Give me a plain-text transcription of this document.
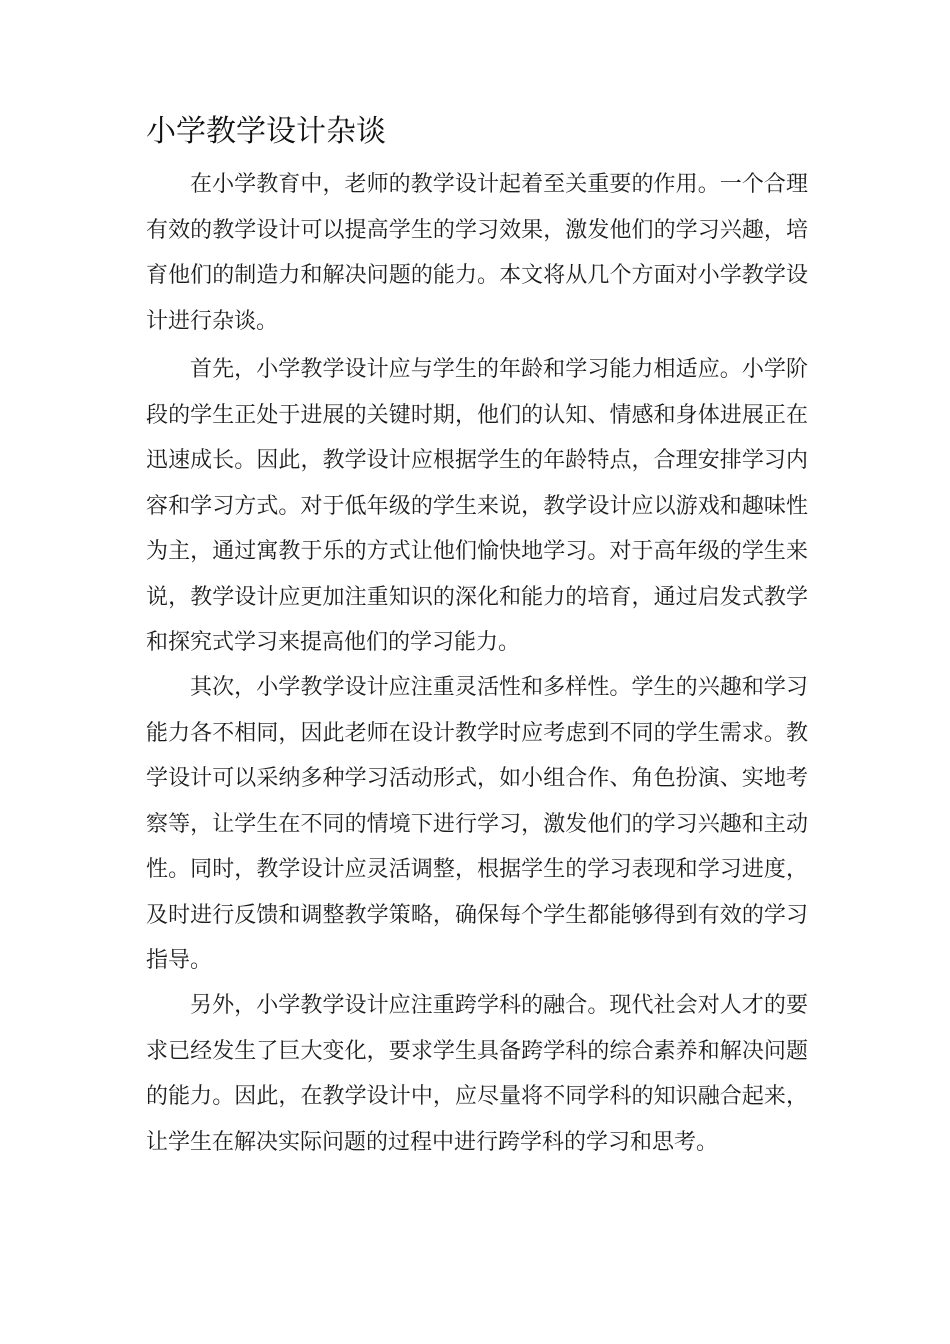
小学教学设计杂谈

在小学教育中，老师的教学设计起着至关重要的作用。一个合理有效的教学设计可以提高学生的学习效果，激发他们的学习兴趣，培育他们的制造力和解决问题的能力。本文将从几个方面对小学教学设计进行杂谈。

首先，小学教学设计应与学生的年龄和学习能力相适应。小学阶段的学生正处于进展的关键时期，他们的认知、情感和身体进展正在迅速成长。因此，教学设计应根据学生的年龄特点，合理安排学习内容和学习方式。对于低年级的学生来说，教学设计应以游戏和趣味性为主，通过寓教于乐的方式让他们愉快地学习。对于高年级的学生来说，教学设计应更加注重知识的深化和能力的培育，通过启发式教学和探究式学习来提高他们的学习能力。

其次，小学教学设计应注重灵活性和多样性。学生的兴趣和学习能力各不相同，因此老师在设计教学时应考虑到不同的学生需求。教学设计可以采纳多种学习活动形式，如小组合作、角色扮演、实地考察等，让学生在不同的情境下进行学习，激发他们的学习兴趣和主动性。同时，教学设计应灵活调整，根据学生的学习表现和学习进度，及时进行反馈和调整教学策略，确保每个学生都能够得到有效的学习指导。

另外，小学教学设计应注重跨学科的融合。现代社会对人才的要求已经发生了巨大变化，要求学生具备跨学科的综合素养和解决问题的能力。因此，在教学设计中，应尽量将不同学科的知识融合起来，让学生在解决实际问题的过程中进行跨学科的学习和思考。
